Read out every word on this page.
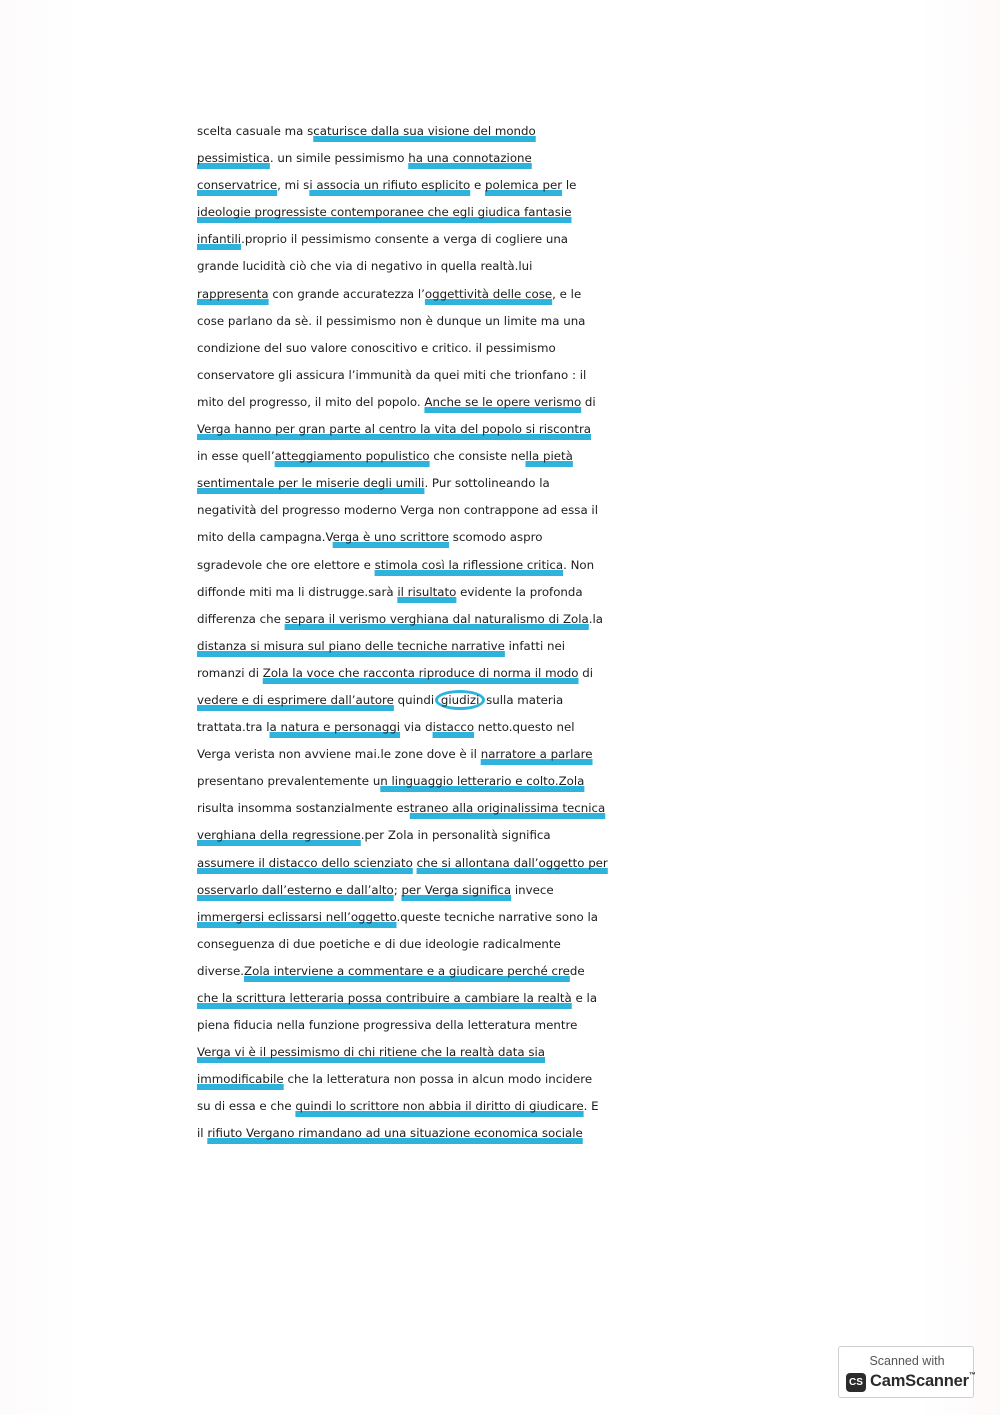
scelta casuale ma scaturisce dalla sua visione del mondo
pessimistica. un simile pessimismo ha una connotazione
conservatrice, mi si associa un rifiuto esplicito e polemica per le
ideologie progressiste contemporanee che egli giudica fantasie
infantili.proprio il pessimismo consente a verga di cogliere una
grande lucidità ciò che via di negativo in quella realtà.lui
rappresenta con grande accuratezza l’oggettività delle cose, e le
cose parlano da sè. il pessimismo non è dunque un limite ma una
condizione del suo valore conoscitivo e critico. il pessimismo
conservatore gli assicura l’immunità da quei miti che trionfano : il
mito del progresso, il mito del popolo. Anche se le opere verismo di
Verga hanno per gran parte al centro la vita del popolo si riscontra
in esse quell’atteggiamento populistico che consiste nella pietà
sentimentale per le miserie degli umili. Pur sottolineando la
negatività del progresso moderno Verga non contrappone ad essa il
mito della campagna.Verga è uno scrittore scomodo aspro
sgradevole che ore elettore e stimola così la riflessione critica. Non
diffonde miti ma li distrugge.sarà il risultato evidente la profonda
differenza che separa il verismo verghiana dal naturalismo di Zola.la
distanza si misura sul piano delle tecniche narrative infatti nei
romanzi di Zola la voce che racconta riproduce di norma il modo di
vedere e di esprimere dall’autore quindi giudizi sulla materia
trattata.tra la natura e personaggi via distacco netto.questo nel
Verga verista non avviene mai.le zone dove è il narratore a parlare
presentano prevalentemente un linguaggio letterario e colto.Zola
risulta insomma sostanzialmente estraneo alla originalissima tecnica
verghiana della regressione.per Zola in personalità significa
assumere il distacco dello scienziato che si allontana dall’oggetto per
osservarlo dall’esterno e dall’alto; per Verga significa invece
immergersi eclissarsi nell’oggetto.queste tecniche narrative sono la
conseguenza di due poetiche e di due ideologie radicalmente
diverse.Zola interviene a commentare e a giudicare perché crede
che la scrittura letteraria possa contribuire a cambiare la realtà e la
piena fiducia nella funzione progressiva della letteratura mentre
Verga vi è il pessimismo di chi ritiene che la realtà data sia
immodificabile che la letteratura non possa in alcun modo incidere
su di essa e che quindi lo scrittore non abbia il diritto di giudicare. E
il rifiuto Vergano rimandano ad una situazione economica sociale
Scanned with
CS CamScanner™
